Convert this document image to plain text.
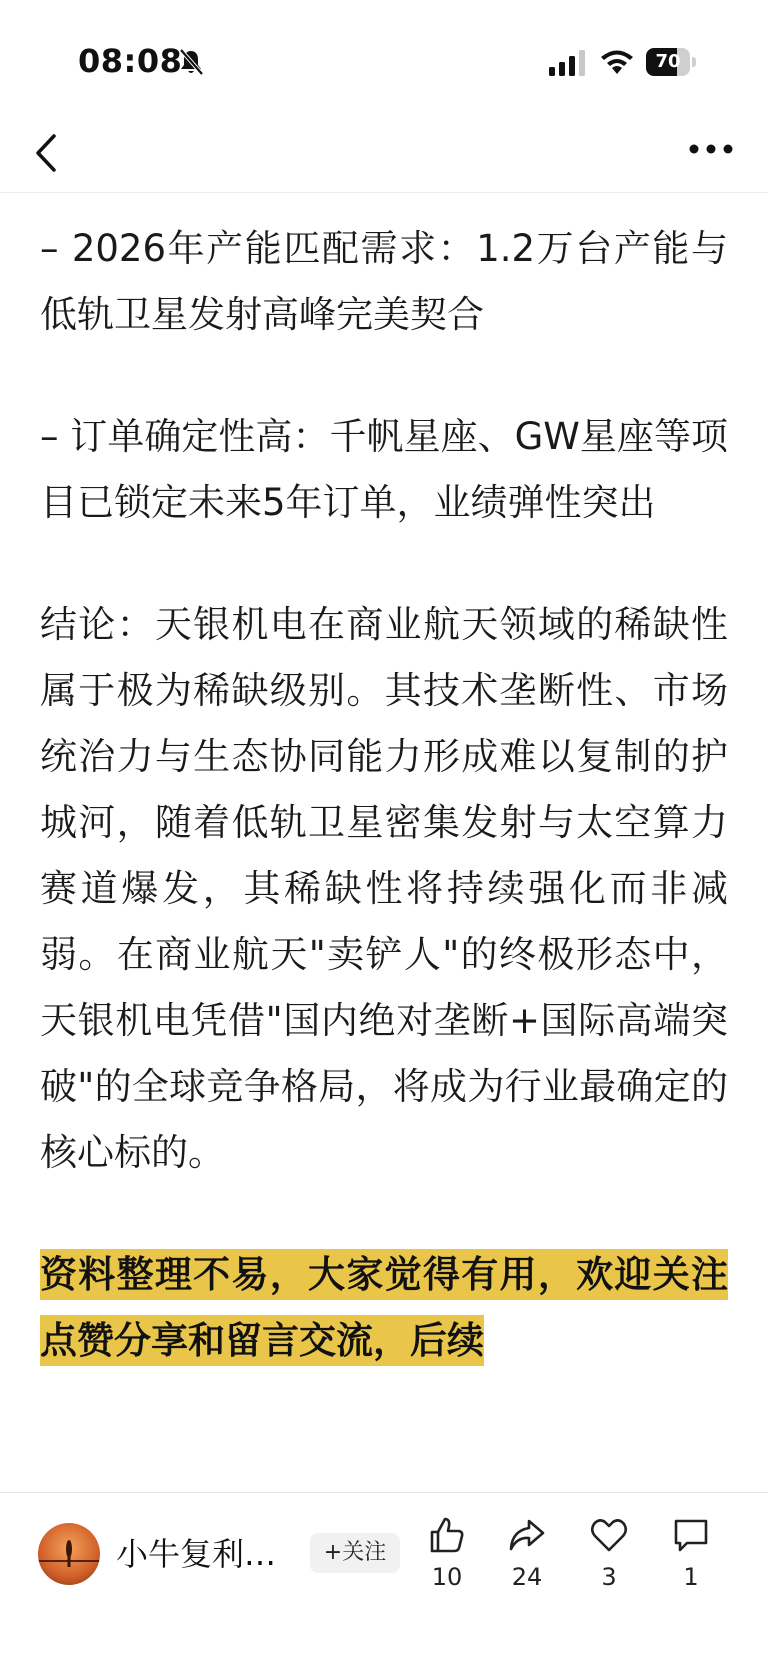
08:08	70

– 2026年产能匹配需求：1.2万台产能与低轨卫星发射高峰完美契合

– 订单确定性高：千帆星座、GW星座等项目已锁定未来5年订单，业绩弹性突出

结论：天银机电在商业航天领域的稀缺性属于极为稀缺级别。其技术垄断性、市场统治力与生态协同能力形成难以复制的护城河，随着低轨卫星密集发射与太空算力赛道爆发，其稀缺性将持续强化而非减弱。在商业航天"卖铲人"的终极形态中，天银机电凭借"国内绝对垄断+国际高端突破"的全球竞争格局，将成为行业最确定的核心标的。

资料整理不易，大家觉得有用，欢迎关注点赞分享和留言交流，后续

小牛复利…	+关注
10	24	3	1
